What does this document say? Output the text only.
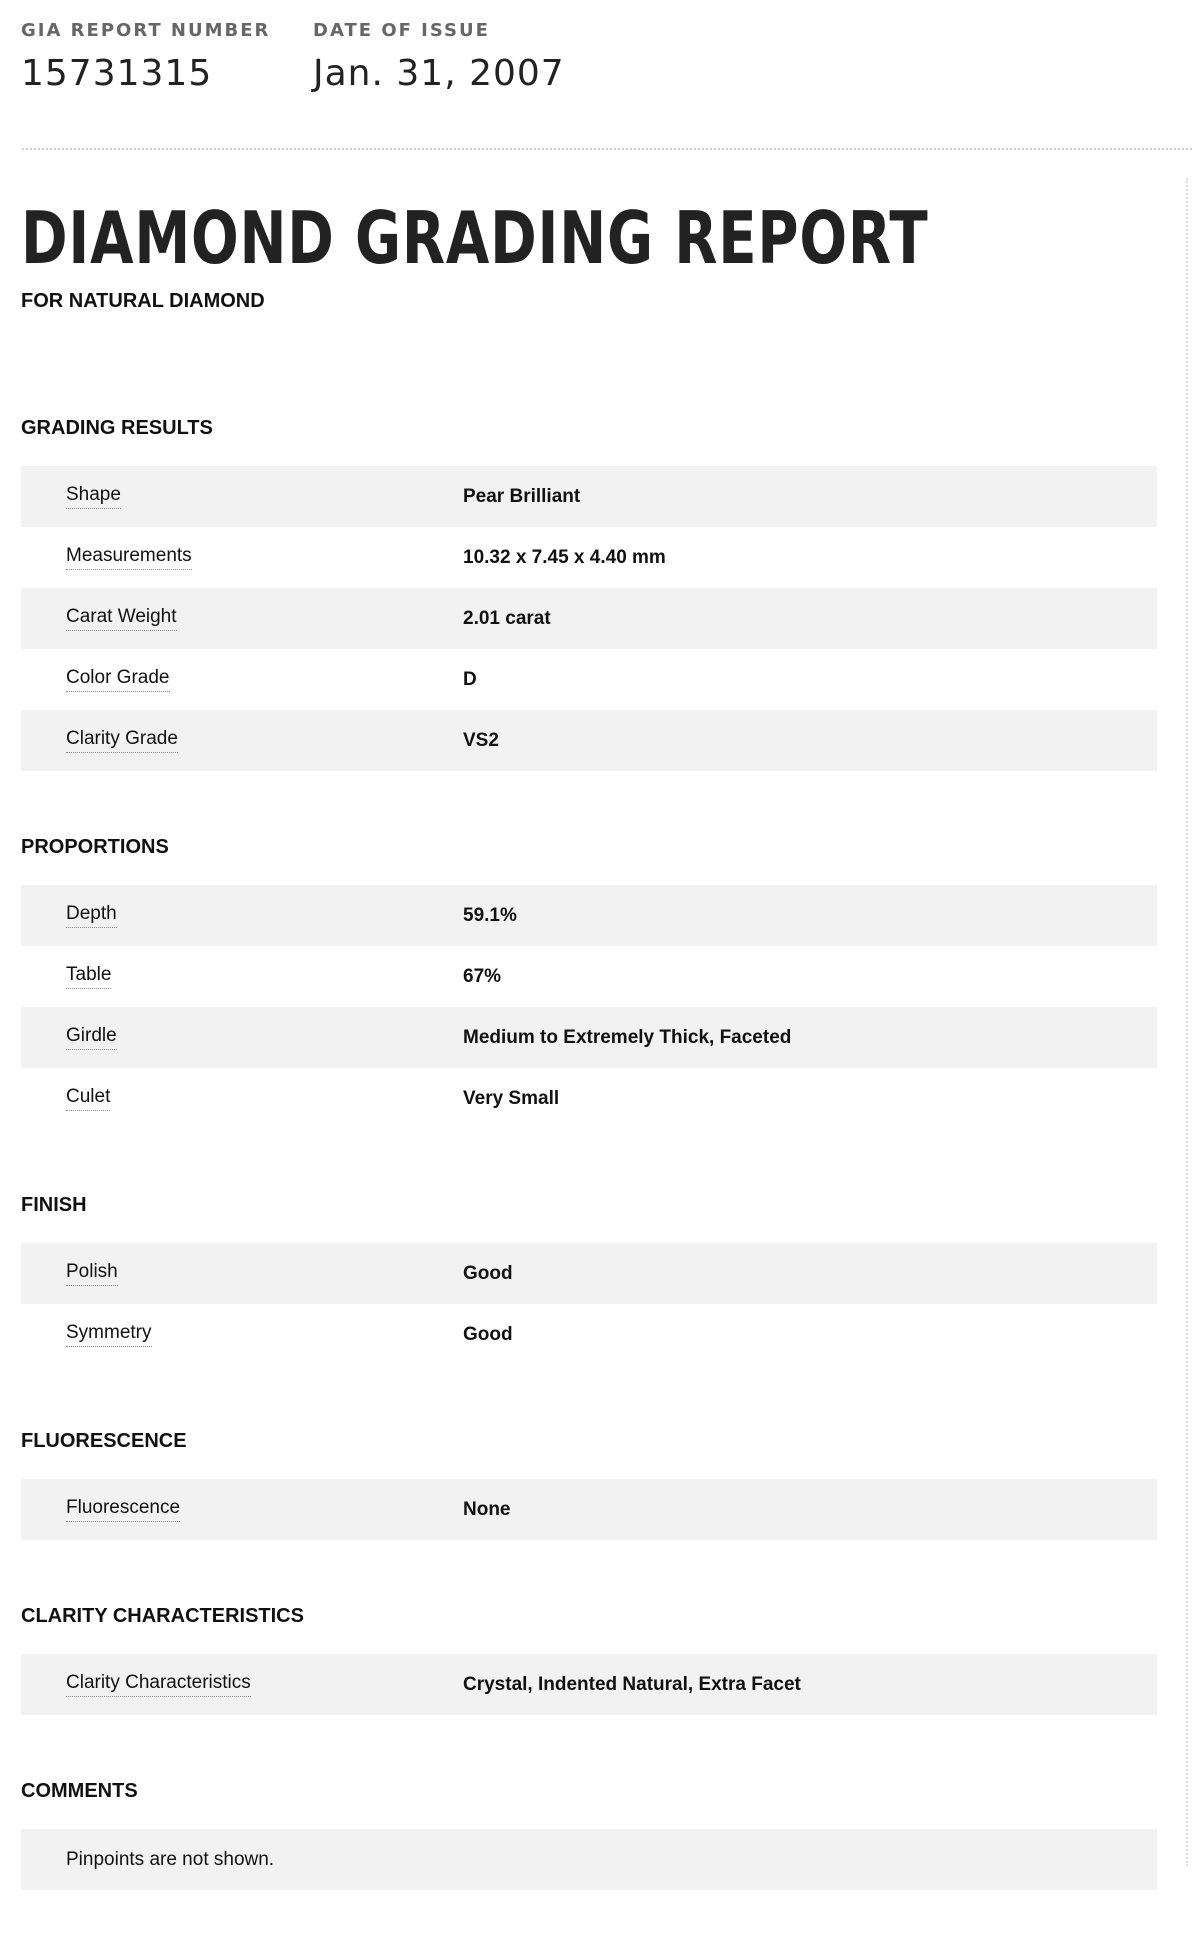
GIA REPORT NUMBER
15731315
DATE OF ISSUE
Jan. 31, 2007
DIAMOND GRADING REPORT
FOR NATURAL DIAMOND
GRADING RESULTS
Shape	Pear Brilliant
Measurements	10.32 x 7.45 x 4.40 mm
Carat Weight	2.01 carat
Color Grade	D
Clarity Grade	VS2
PROPORTIONS
Depth	59.1%
Table	67%
Girdle	Medium to Extremely Thick, Faceted
Culet	Very Small
FINISH
Polish	Good
Symmetry	Good
FLUORESCENCE
Fluorescence	None
CLARITY CHARACTERISTICS
Clarity Characteristics	Crystal, Indented Natural, Extra Facet
COMMENTS
Pinpoints are not shown.
